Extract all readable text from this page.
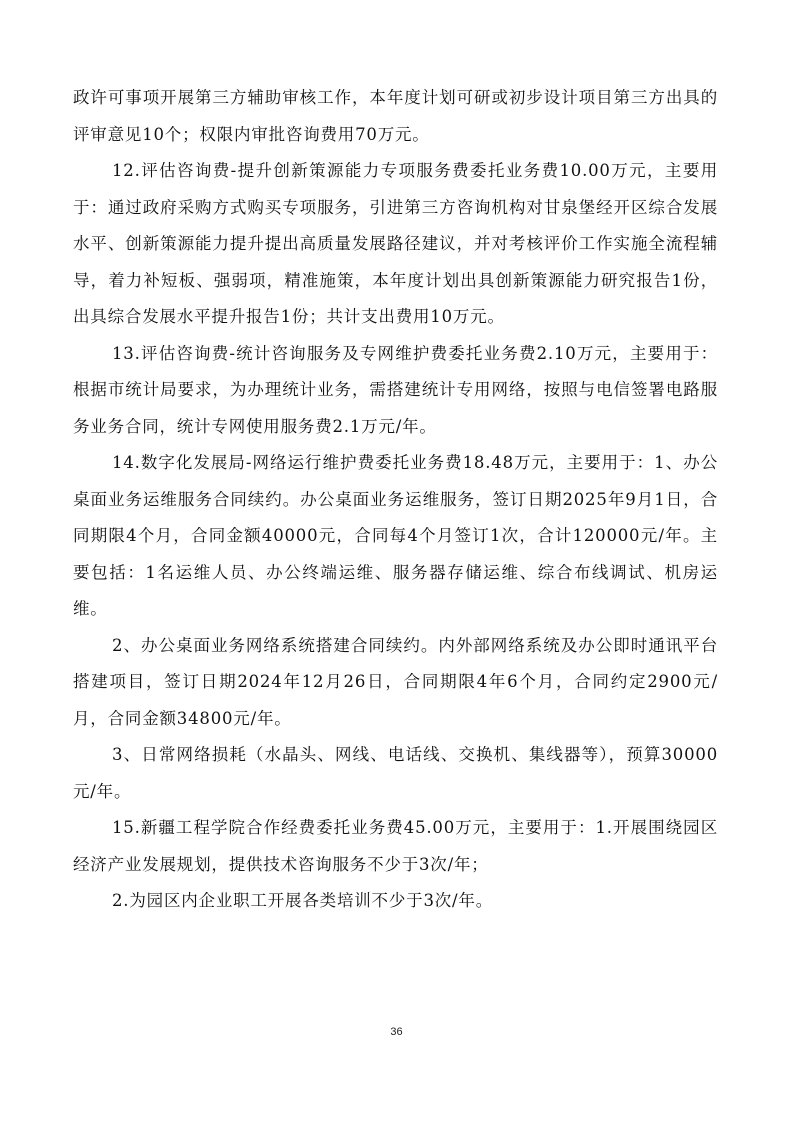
政许可事项开展第三方辅助审核工作，本年度计划可研或初步设计项目第三方出具的评审意见10个；权限内审批咨询费用70万元。

12.评估咨询费-提升创新策源能力专项服务费委托业务费10.00万元，主要用于：通过政府采购方式购买专项服务，引进第三方咨询机构对甘泉堡经开区综合发展水平、创新策源能力提升提出高质量发展路径建议，并对考核评价工作实施全流程辅导，着力补短板、强弱项，精准施策，本年度计划出具创新策源能力研究报告1份，出具综合发展水平提升报告1份；共计支出费用10万元。

13.评估咨询费-统计咨询服务及专网维护费委托业务费2.10万元，主要用于：根据市统计局要求，为办理统计业务，需搭建统计专用网络，按照与电信签署电路服务业务合同，统计专网使用服务费2.1万元/年。

14.数字化发展局-网络运行维护费委托业务费18.48万元，主要用于：1、办公桌面业务运维服务合同续约。办公桌面业务运维服务，签订日期2025年9月1日，合同期限4个月，合同金额40000元，合同每4个月签订1次，合计120000元/年。主要包括：1名运维人员、办公终端运维、服务器存储运维、综合布线调试、机房运维。

2、办公桌面业务网络系统搭建合同续约。内外部网络系统及办公即时通讯平台搭建项目，签订日期2024年12月26日，合同期限4年6个月，合同约定2900元/月，合同金额34800元/年。

3、日常网络损耗（水晶头、网线、电话线、交换机、集线器等），预算30000元/年。

15.新疆工程学院合作经费委托业务费45.00万元，主要用于：1.开展围绕园区经济产业发展规划，提供技术咨询服务不少于3次/年；

2.为园区内企业职工开展各类培训不少于3次/年。

36
